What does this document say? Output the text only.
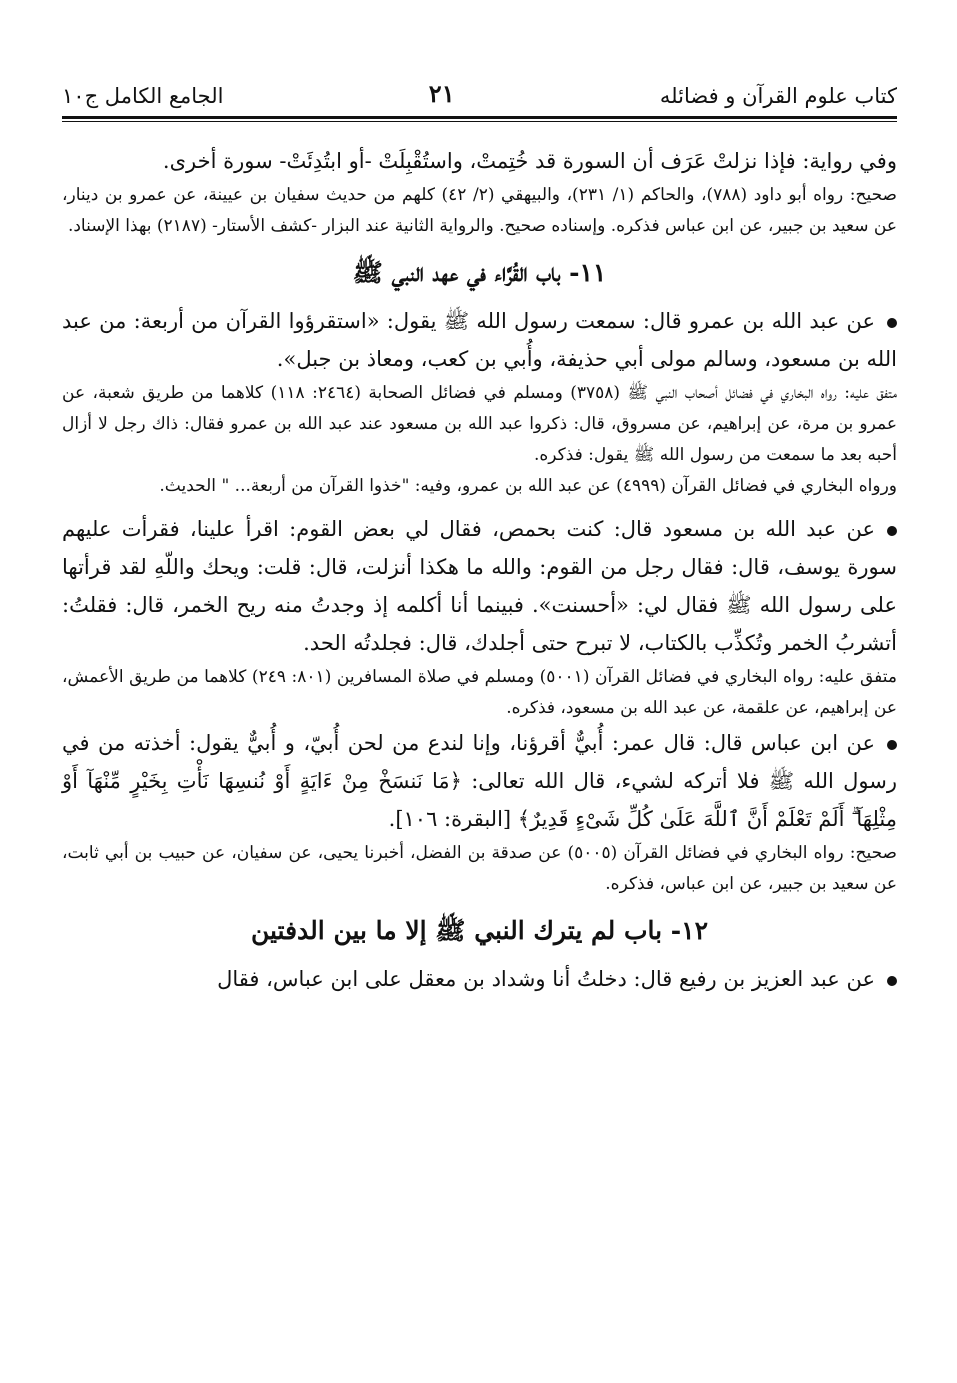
كتاب علوم القرآن و فضائله
٢١
الجامع الكامل ج١٠

وفي رواية: فإذا نزلتْ عَرَف أن السورة قد خُتِمتْ، واستُقْبِلَتْ -أو ابتُدِئَتْ- سورة أخرى.

صحيح: رواه أبو داود (٧٨٨)، والحاكم (١/ ٢٣١)، والبيهقي (٢/ ٤٢) كلهم من حديث سفيان بن عيينة، عن عمرو بن دينار، عن سعيد بن جبير، عن ابن عباس فذكره. وإسناده صحيح. والرواية الثانية عند البزار -كشف الأستار- (٢١٨٧) بهذا الإسناد.

١١- باب القُرَّاء في عهد النبي ﷺ

عن عبد الله بن عمرو قال: سمعت رسول الله ﷺ يقول: «استقرؤوا القرآن من أربعة: من عبد الله بن مسعود، وسالم مولى أبي حذيفة، وأُبي بن كعب، ومعاذ بن جبل».

متفق عليه: رواه البخاري في فضائل أصحاب النبي ﷺ (٣٧٥٨) ومسلم في فضائل الصحابة (٢٤٦٤: ١١٨) كلاهما من طريق شعبة، عن عمرو بن مرة، عن إبراهيم، عن مسروق، قال: ذكروا عبد الله بن مسعود عند عبد الله بن عمرو فقال: ذاك رجل لا أزال أحبه بعد ما سمعت من رسول الله ﷺ يقول: فذكره.

ورواه البخاري في فضائل القرآن (٤٩٩٩) عن عبد الله بن عمرو، وفيه: "خذوا القرآن من أربعة... " الحديث.

عن عبد الله بن مسعود قال: كنت بحمص، فقال لي بعض القوم: اقرأ علينا، فقرأت عليهم سورة يوسف، قال: فقال رجل من القوم: والله ما هكذا أنزلت، قال: قلت: ويحك واللّهِ لقد قرأتها على رسول الله ﷺ فقال لي: «أحسنت». فبينما أنا أكلمه إذ وجدتُ منه ريح الخمر، قال: فقلتُ: أتشربُ الخمر وتُكذِّب بالكتاب، لا تبرح حتى أجلدك، قال: فجلدتُه الحد.

متفق عليه: رواه البخاري في فضائل القرآن (٥٠٠١) ومسلم في صلاة المسافرين (٨٠١: ٢٤٩) كلاهما من طريق الأعمش، عن إبراهيم، عن علقمة، عن عبد الله بن مسعود، فذكره.

عن ابن عباس قال: قال عمر: أُبيٌّ أقرؤنا، وإنا لندع من لحن أُبيّ، و أُبيٌّ يقول: أخذته من في رسول الله ﷺ فلا أتركه لشيء، قال الله تعالى: ﴿مَا نَنسَخْ مِنْ ءَايَةٍ أَوْ نُنسِهَا نَأْتِ بِخَيْرٍ مِّنْهَآ أَوْ مِثْلِهَآ ۗ أَلَمْ تَعْلَمْ أَنَّ ٱللَّهَ عَلَىٰ كُلِّ شَىْءٍ قَدِيرٌ﴾ [البقرة: ١٠٦].

صحيح: رواه البخاري في فضائل القرآن (٥٠٠٥) عن صدقة بن الفضل، أخبرنا يحيى، عن سفيان، عن حبيب بن أبي ثابت، عن سعيد بن جبير، عن ابن عباس، فذكره.

١٢- باب لم يترك النبي ﷺ إلا ما بين الدفتين

عن عبد العزيز بن رفيع قال: دخلتُ أنا وشداد بن معقل على ابن عباس، فقال
